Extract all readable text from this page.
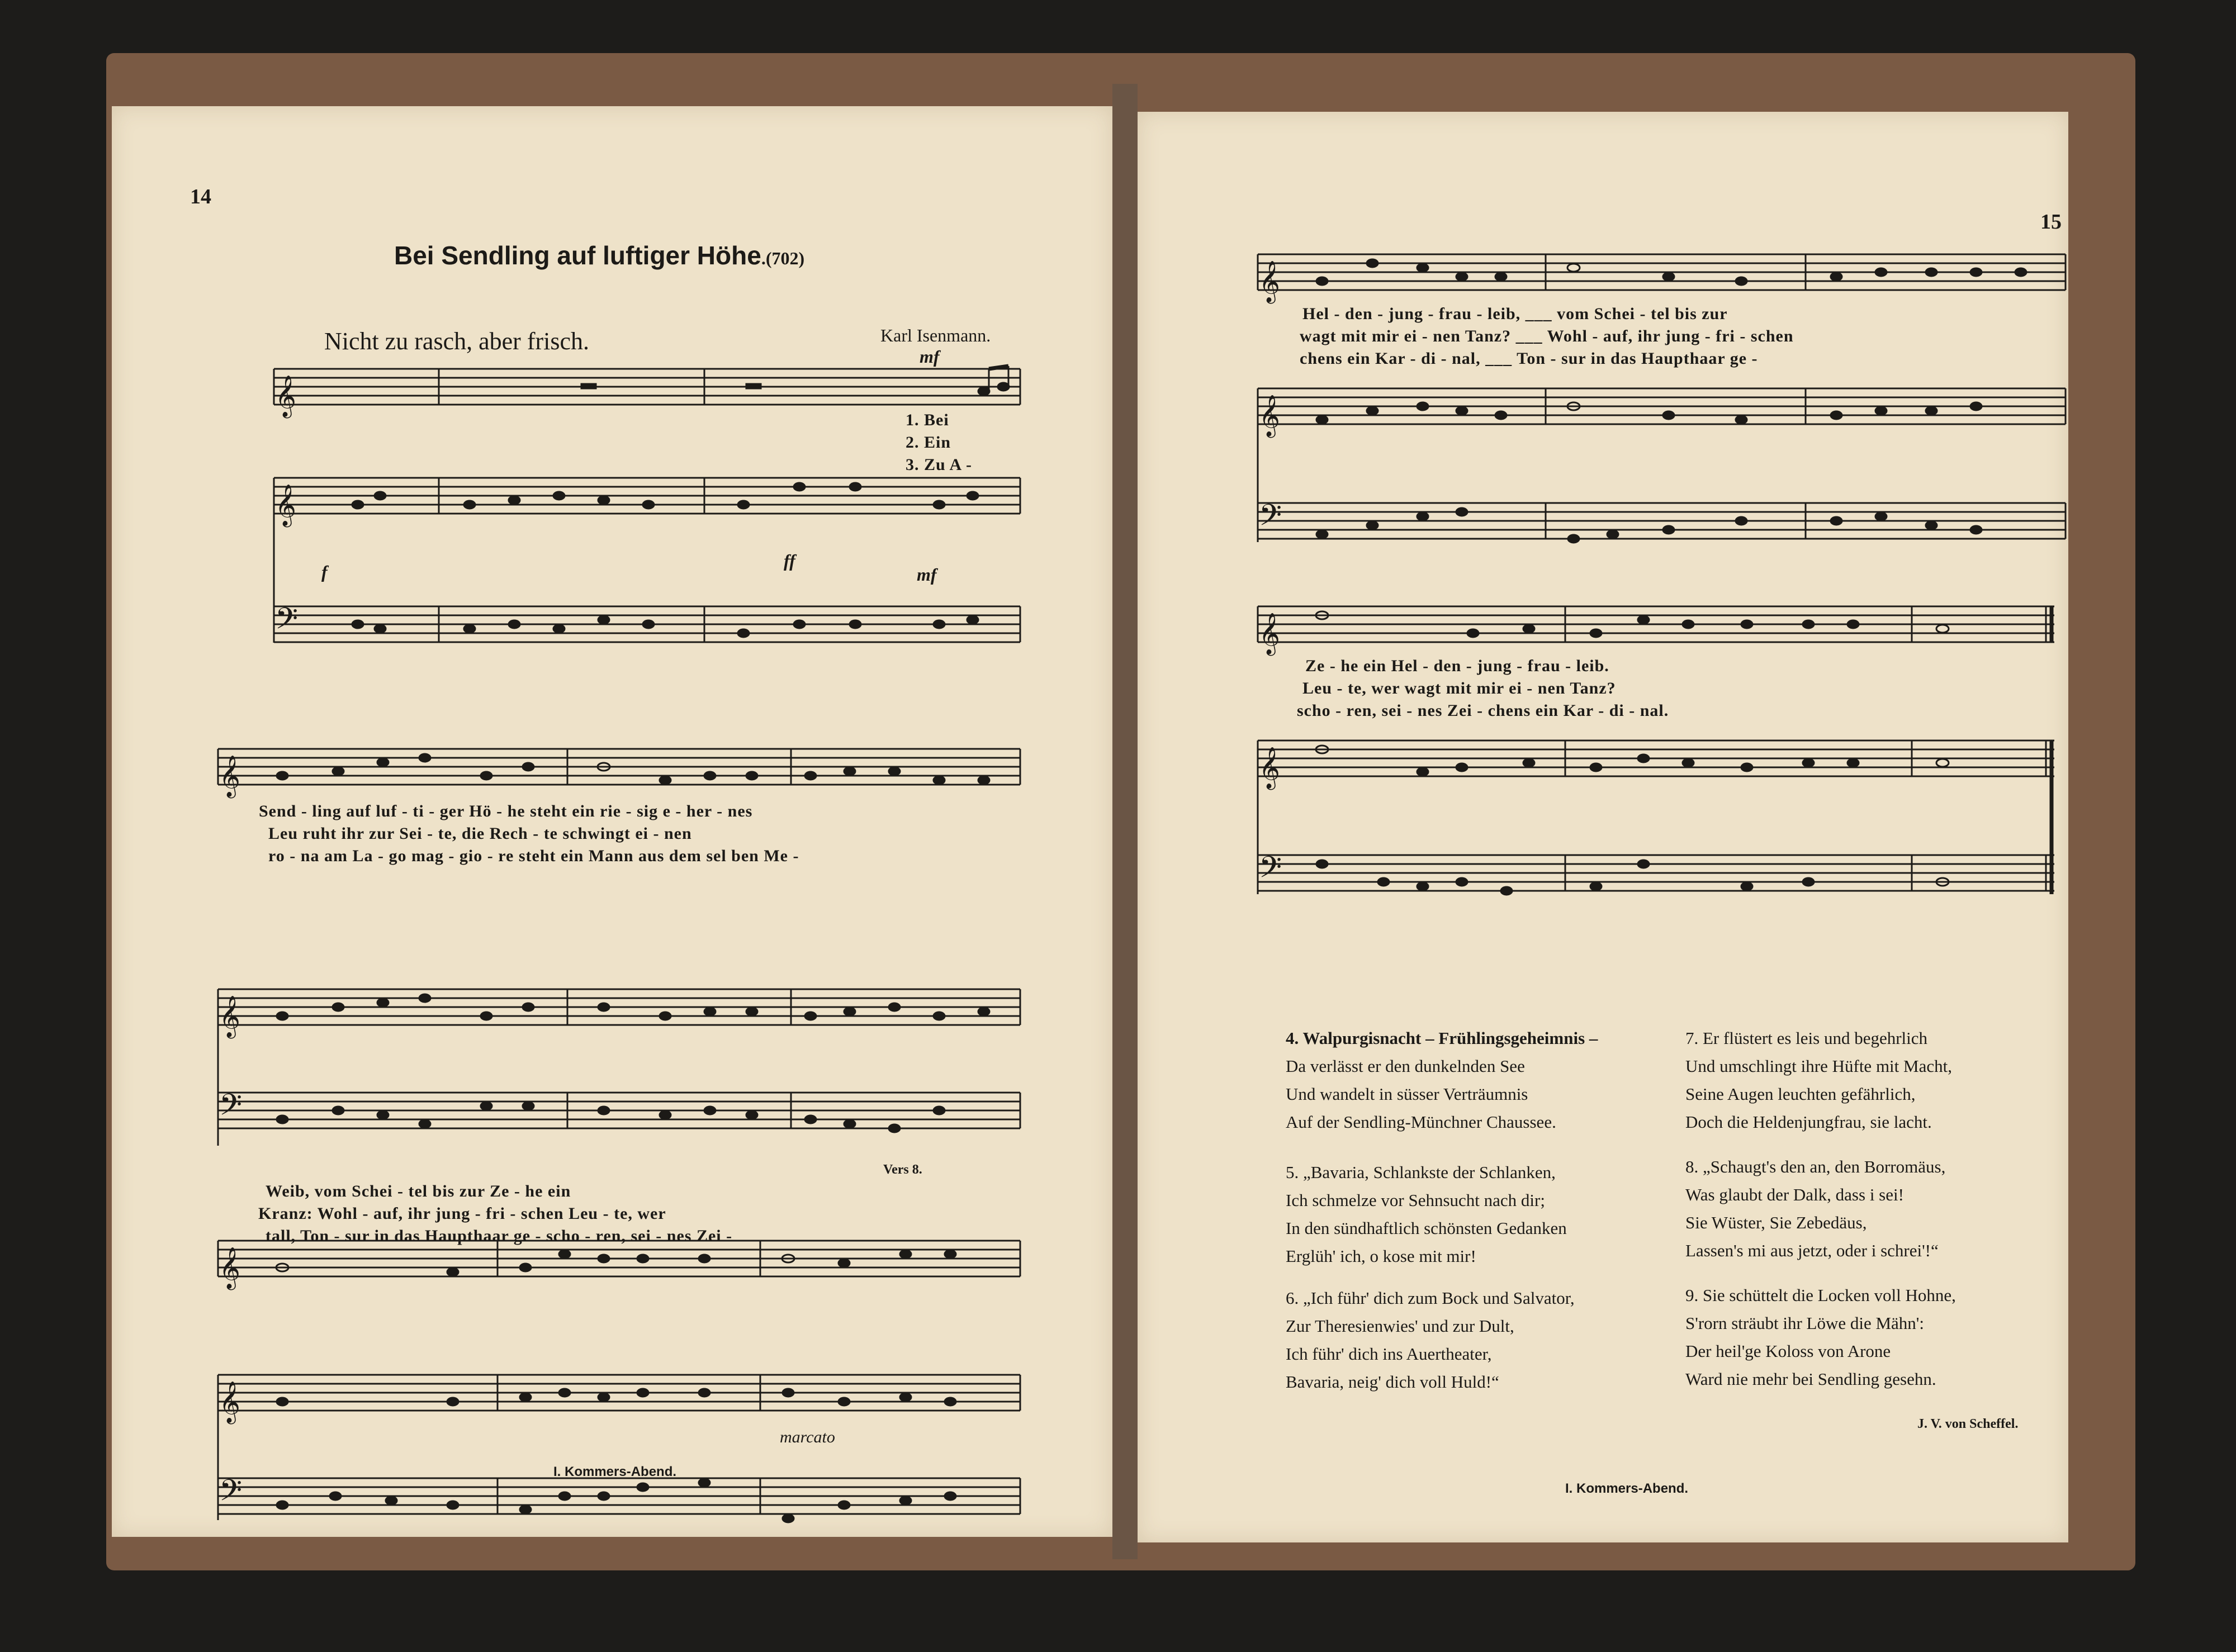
14
Bei Sendling auf luftiger Höhe.(702)
Nicht zu rasch, aber frisch.	Karl Isenmann.
mf
1. Bei
2. Ein
3. Zu A -
f
ff
mf
Send - ling auf luf - ti - ger Hö - he steht ein rie - sig e - her - nes
Leu ruht ihr zur Sei - te, die Rech - te schwingt ei - nen
ro - na am La - go mag - gio - re steht ein Mann aus dem sel ben Me -
Weib, vom Schei - tel bis zur Ze - he ein
Kranz: Wohl - auf, ihr jung - fri - schen Leu - te, wer
tall, Ton - sur in das Haupthaar ge - scho - ren, sei - nes Zei -
Vers 8.
marcato
I. Kommers-Abend.
𝄞
𝄞
𝄢
𝄞
𝄞
𝄢
𝄞
𝄞
𝄢
15
Hel - den - jung - frau - leib, ___ vom Schei - tel bis zur
wagt mit mir ei - nen Tanz? ___ Wohl - auf, ihr jung - fri - schen
chens ein Kar - di - nal, ___ Ton - sur in das Haupthaar ge -
Ze - he ein Hel - den - jung - frau - leib.
Leu - te, wer wagt mit mir ei - nen Tanz?
scho - ren, sei - nes Zei - chens ein Kar - di - nal.
4. Walpurgisnacht – Frühlingsgeheimnis –
Da verlässt er den dunkelnden See
Und wandelt in süsser Verträumnis
Auf der Sendling-Münchner Chaussee.
5. „Bavaria, Schlankste der Schlanken,
Ich schmelze vor Sehnsucht nach dir;
In den sündhaftlich schönsten Gedanken
Erglüh' ich, o kose mit mir!
6. „Ich führ' dich zum Bock und Salvator,
Zur Theresienwies' und zur Dult,
Ich führ' dich ins Auertheater,
Bavaria, neig' dich voll Huld!“
7. Er flüstert es leis und begehrlich
Und umschlingt ihre Hüfte mit Macht,
Seine Augen leuchten gefährlich,
Doch die Heldenjungfrau, sie lacht.
8. „Schaugt's den an, den Borromäus,
Was glaubt der Dalk, dass i sei!
Sie Wüster, Sie Zebedäus,
Lassen's mi aus jetzt, oder i schrei'!“
9. Sie schüttelt die Locken voll Hohne,
S'rorn sträubt ihr Löwe die Mähn':
Der heil'ge Koloss von Arone
Ward nie mehr bei Sendling gesehn.
J. V. von Scheffel.
I. Kommers-Abend.
𝄞
𝄞
𝄢
𝄞
𝄞
𝄢
